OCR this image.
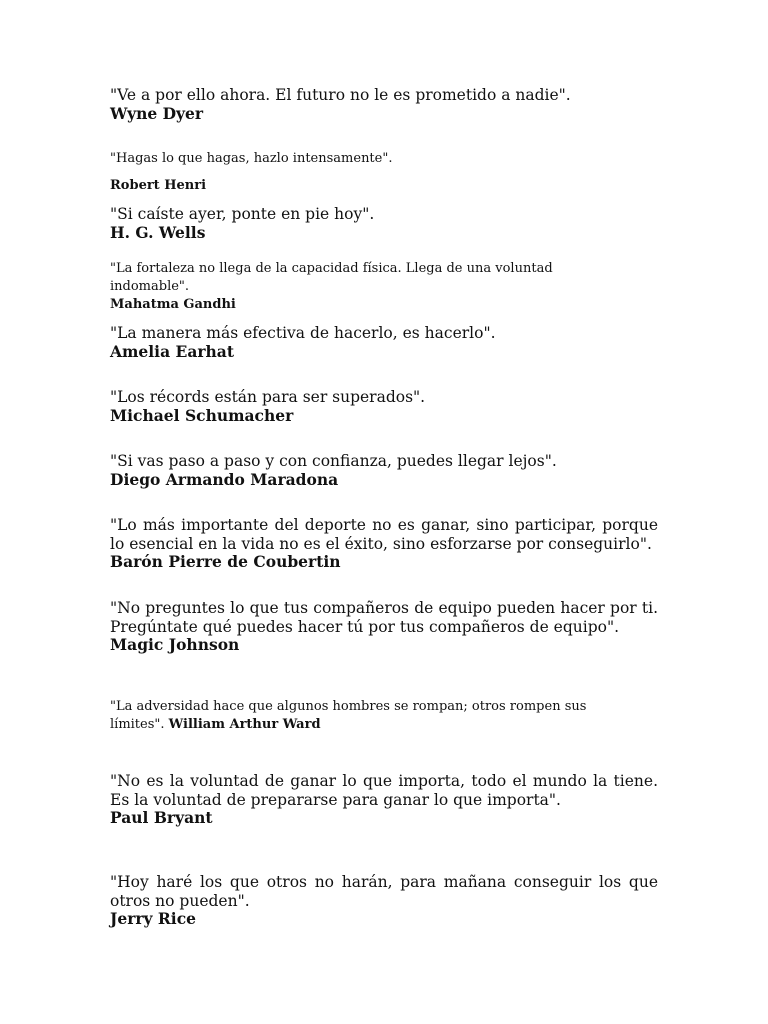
"Ve a por ello ahora. El futuro no le es prometido a nadie".
Wyne Dyer
"Hagas lo que hagas, hazlo intensamente".
Robert Henri
"Si caíste ayer, ponte en pie hoy".
H. G. Wells
"La fortaleza no llega de la capacidad física. Llega de una voluntad
indomable".
Mahatma Gandhi
"La manera más efectiva de hacerlo, es hacerlo".
Amelia Earhat
"Los récords están para ser superados".
Michael Schumacher
"Si vas paso a paso y con confianza, puedes llegar lejos".
Diego Armando Maradona
"Lo más importante del deporte no es ganar, sino participar, porque lo esencial en la vida no es el éxito, sino esforzarse por conseguirlo".
Barón Pierre de Coubertin
"No preguntes lo que tus compañeros de equipo pueden hacer por ti. Pregúntate qué puedes hacer tú por tus compañeros de equipo".
Magic Johnson
"La adversidad hace que algunos hombres se rompan; otros rompen sus
límites". William Arthur Ward
"No es la voluntad de ganar lo que importa, todo el mundo la tiene. Es la voluntad de prepararse para ganar lo que importa".
Paul Bryant
"Hoy haré los que otros no harán, para mañana conseguir los que otros no pueden".
Jerry Rice
